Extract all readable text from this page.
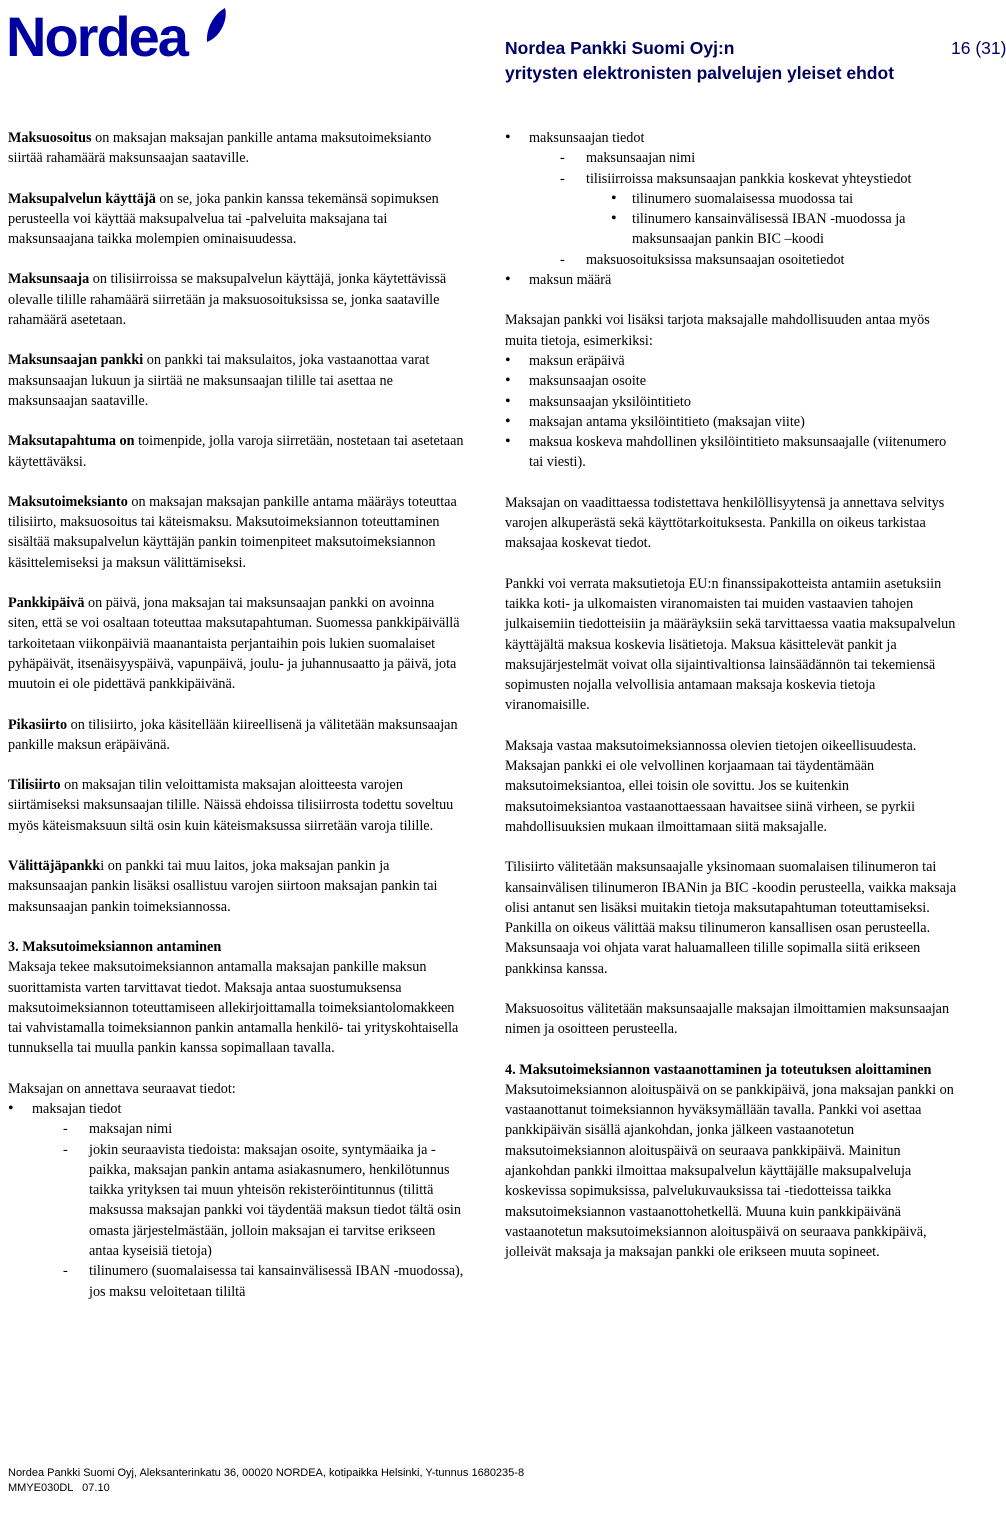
Nordea	Nordea Pankki Suomi Oyj:n	16 (31)
yritysten elektronisten palvelujen yleiset ehdot

Maksuosoitus on maksajan maksajan pankille antama maksutoimeksianto siirtää rahamäärä maksunsaajan saataville.

Maksupalvelun käyttäjä on se, joka pankin kanssa tekemänsä sopimuksen perusteella voi käyttää maksupalvelua tai -palveluita maksajana tai maksunsaajana taikka molempien ominaisuudessa.

Maksunsaaja on tilisiirroissa se maksupalvelun käyttäjä, jonka käytettävissä olevalle tilille rahamäärä siirretään ja maksuosoituksissa se, jonka saataville rahamäärä asetetaan.

Maksunsaajan pankki on pankki tai maksulaitos, joka vastaanottaa varat maksunsaajan lukuun ja siirtää ne maksunsaajan tilille tai asettaa ne maksunsaajan saataville.

Maksutapahtuma on toimenpide, jolla varoja siirretään, nostetaan tai asetetaan käytettäväksi.

Maksutoimeksianto on maksajan maksajan pankille antama määräys toteuttaa tilisiirto, maksuosoitus tai käteismaksu. Maksutoimeksiannon toteuttaminen sisältää maksupalvelun käyttäjän pankin toimenpiteet maksutoimeksiannon käsittelemiseksi ja maksun välittämiseksi.

Pankkipäivä on päivä, jona maksajan tai maksunsaajan pankki on avoinna siten, että se voi osaltaan toteuttaa maksutapahtuman. Suomessa pankkipäivällä tarkoitetaan viikonpäiviä maanantaista perjantaihin pois lukien suomalaiset pyhäpäivät, itsenäisyyspäivä, vapunpäivä, joulu- ja juhannusaatto ja päivä, jota muutoin ei ole pidettävä pankkipäivänä.

Pikasiirto on tilisiirto, joka käsitellään kiireellisenä ja välitetään maksunsaajan pankille maksun eräpäivänä.

Tilisiirto on maksajan tilin veloittamista maksajan aloitteesta varojen siirtämiseksi maksunsaajan tilille. Näissä ehdoissa tilisiirrosta todettu soveltuu myös käteismaksuun siltä osin kuin käteismaksussa siirretään varoja tilille.

Välittäjäpankki on pankki tai muu laitos, joka maksajan pankin ja maksunsaajan pankin lisäksi osallistuu varojen siirtoon maksajan pankin tai maksunsaajan pankin toimeksiannossa.

3. Maksutoimeksiannon antaminen

Maksaja tekee maksutoimeksiannon antamalla maksajan pankille maksun suorittamista varten tarvittavat tiedot. Maksaja antaa suostumuksensa maksutoimeksiannon toteuttamiseen allekirjoittamalla toimeksiantolomakkeen tai vahvistamalla toimeksiannon pankin antamalla henkilö- tai yrityskohtaisella tunnuksella tai muulla pankin kanssa sopimallaan tavalla.

Maksajan on annettava seuraavat tiedot:

• maksajan tiedot
- maksajan nimi
- jokin seuraavista tiedoista: maksajan osoite, syntymäaika ja -paikka, maksajan pankin antama asiakasnumero, henkilötunnus taikka yrityksen tai muun yhteisön rekisteröintitunnus (tilittä maksussa maksajan pankki voi täydentää maksun tiedot tältä osin omasta järjestelmästään, jolloin maksajan ei tarvitse erikseen antaa kyseisiä tietoja)
- tilinumero (suomalaisessa tai kansainvälisessä IBAN -muodossa), jos maksu veloitetaan tililtä
• maksunsaajan tiedot
- maksunsaajan nimi
- tilisiirroissa maksunsaajan pankkia koskevat yhteystiedot
• tilinumero suomalaisessa muodossa tai
• tilinumero kansainvälisessä IBAN -muodossa ja maksunsaajan pankin BIC –koodi
- maksuosoituksissa maksunsaajan osoitetiedot
• maksun määrä

Maksajan pankki voi lisäksi tarjota maksajalle mahdollisuuden antaa myös muita tietoja, esimerkiksi:

• maksun eräpäivä
• maksunsaajan osoite
• maksunsaajan yksilöintitieto
• maksajan antama yksilöintitieto (maksajan viite)
• maksua koskeva mahdollinen yksilöintitieto maksunsaajalle (viitenumero tai viesti).

Maksajan on vaadittaessa todistettava henkilöllisyytensä ja annettava selvitys varojen alkuperästä sekä käyttötarkoituksesta. Pankilla on oikeus tarkistaa maksajaa koskevat tiedot.

Pankki voi verrata maksutietoja EU:n finanssipakotteista antamiin asetuksiin taikka koti- ja ulkomaisten viranomaisten tai muiden vastaavien tahojen julkaisemiin tiedotteisiin ja määräyksiin sekä tarvittaessa vaatia maksupalvelun käyttäjältä maksua koskevia lisätietoja. Maksua käsittelevät pankit ja maksujärjestelmät voivat olla sijaintivaltionsa lainsäädännön tai tekemiensä sopimusten nojalla velvollisia antamaan maksaja koskevia tietoja viranomaisille.

Maksaja vastaa maksutoimeksiannossa olevien tietojen oikeellisuudesta. Maksajan pankki ei ole velvollinen korjaamaan tai täydentämään maksutoimeksiantoa, ellei toisin ole sovittu. Jos se kuitenkin maksutoimeksiantoa vastaanottaessaan havaitsee siinä virheen, se pyrkii mahdollisuuksien mukaan ilmoittamaan siitä maksajalle.

Tilisiirto välitetään maksunsaajalle yksinomaan suomalaisen tilinumeron tai kansainvälisen tilinumeron IBANin ja BIC -koodin perusteella, vaikka maksaja olisi antanut sen lisäksi muitakin tietoja maksutapahtuman toteuttamiseksi. Pankilla on oikeus välittää maksu tilinumeron kansallisen osan perusteella. Maksunsaaja voi ohjata varat haluamalleen tilille sopimalla siitä erikseen pankkinsa kanssa.

Maksuosoitus välitetään maksunsaajalle maksajan ilmoittamien maksunsaajan nimen ja osoitteen perusteella.

4. Maksutoimeksiannon vastaanottaminen ja toteutuksen aloittaminen

Maksutoimeksiannon aloituspäivä on se pankkipäivä, jona maksajan pankki on vastaanottanut toimeksiannon hyväksymällään tavalla. Pankki voi asettaa pankkipäivän sisällä ajankohdan, jonka jälkeen vastaanotetun maksutoimeksiannon aloituspäivä on seuraava pankkipäivä. Mainitun ajankohdan pankki ilmoittaa maksupalvelun käyttäjälle maksupalveluja koskevissa sopimuksissa, palvelukuvauksissa tai -tiedotteissa taikka maksutoimeksiannon vastaanottohetkellä. Muuna kuin pankkipäivänä vastaanotetun maksutoimeksiannon aloituspäivä on seuraava pankkipäivä, jolleivät maksaja ja maksajan pankki ole erikseen muuta sopineet.

Nordea Pankki Suomi Oyj, Aleksanterinkatu 36, 00020 NORDEA, kotipaikka Helsinki, Y-tunnus 1680235-8
MMYE030DL   07.10
